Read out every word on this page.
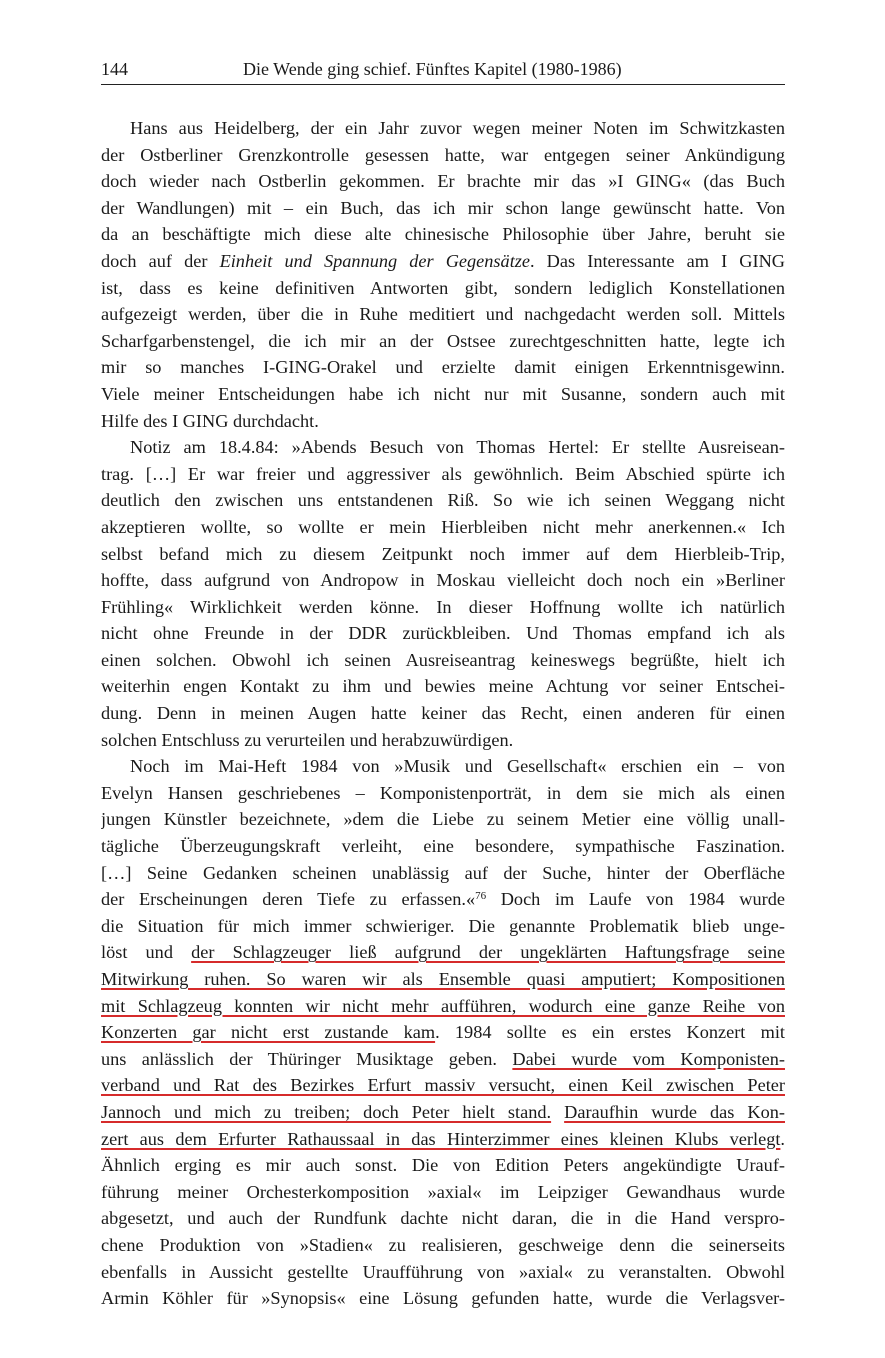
144	Die Wende ging schief. Fünftes Kapitel (1980-1986)
Hans aus Heidelberg, der ein Jahr zuvor wegen meiner Noten im Schwitzkasten
der Ostberliner Grenzkontrolle gesessen hatte, war entgegen seiner Ankündigung
doch wieder nach Ostberlin gekommen. Er brachte mir das »I GING« (das Buch
der Wandlungen) mit – ein Buch, das ich mir schon lange gewünscht hatte. Von
da an beschäftigte mich diese alte chinesische Philosophie über Jahre, beruht sie
doch auf der Einheit und Spannung der Gegensätze. Das Interessante am I GING
ist, dass es keine definitiven Antworten gibt, sondern lediglich Konstellationen
aufgezeigt werden, über die in Ruhe meditiert und nachgedacht werden soll. Mittels
Scharfgarbenstengel, die ich mir an der Ostsee zurechtgeschnitten hatte, legte ich
mir so manches I-GING-Orakel und erzielte damit einigen Erkenntnisgewinn.
Viele meiner Entscheidungen habe ich nicht nur mit Susanne, sondern auch mit
Hilfe des I GING durchdacht.
Notiz am 18.4.84: »Abends Besuch von Thomas Hertel: Er stellte Ausreisean-
trag. […] Er war freier und aggressiver als gewöhnlich. Beim Abschied spürte ich
deutlich den zwischen uns entstandenen Riß. So wie ich seinen Weggang nicht
akzeptieren wollte, so wollte er mein Hierbleiben nicht mehr anerkennen.« Ich
selbst befand mich zu diesem Zeitpunkt noch immer auf dem Hierbleib-Trip,
hoffte, dass aufgrund von Andropow in Moskau vielleicht doch noch ein »Berliner
Frühling« Wirklichkeit werden könne. In dieser Hoffnung wollte ich natürlich
nicht ohne Freunde in der DDR zurückbleiben. Und Thomas empfand ich als
einen solchen. Obwohl ich seinen Ausreiseantrag keineswegs begrüßte, hielt ich
weiterhin engen Kontakt zu ihm und bewies meine Achtung vor seiner Entschei-
dung. Denn in meinen Augen hatte keiner das Recht, einen anderen für einen
solchen Entschluss zu verurteilen und herabzuwürdigen.
Noch im Mai-Heft 1984 von »Musik und Gesellschaft« erschien ein – von
Evelyn Hansen geschriebenes – Komponistenporträt, in dem sie mich als einen
jungen Künstler bezeichnete, »dem die Liebe zu seinem Metier eine völlig unall-
tägliche Überzeugungskraft verleiht, eine besondere, sympathische Faszination.
[…] Seine Gedanken scheinen unablässig auf der Suche, hinter der Oberfläche
der Erscheinungen deren Tiefe zu erfassen.«$^{76}$ Doch im Laufe von 1984 wurde
die Situation für mich immer schwieriger. Die genannte Problematik blieb unge-
löst und der Schlagzeuger ließ aufgrund der ungeklärten Haftungsfrage seine
Mitwirkung ruhen. So waren wir als Ensemble quasi amputiert; Kompositionen
mit Schlagzeug konnten wir nicht mehr aufführen, wodurch eine ganze Reihe von
Konzerten gar nicht erst zustande kam. 1984 sollte es ein erstes Konzert mit
uns anlässlich der Thüringer Musiktage geben. Dabei wurde vom Komponisten-
verband und Rat des Bezirkes Erfurt massiv versucht, einen Keil zwischen Peter
Jannoch und mich zu treiben; doch Peter hielt stand. Daraufhin wurde das Kon-
zert aus dem Erfurter Rathaussaal in das Hinterzimmer eines kleinen Klubs verlegt.
Ähnlich erging es mir auch sonst. Die von Edition Peters angekündigte Urauf-
führung meiner Orchesterkomposition »axial« im Leipziger Gewandhaus wurde
abgesetzt, und auch der Rundfunk dachte nicht daran, die in die Hand verspro-
chene Produktion von »Stadien« zu realisieren, geschweige denn die seinerseits
ebenfalls in Aussicht gestellte Uraufführung von »axial« zu veranstalten. Obwohl
Armin Köhler für »Synopsis« eine Lösung gefunden hatte, wurde die Verlagsver-
